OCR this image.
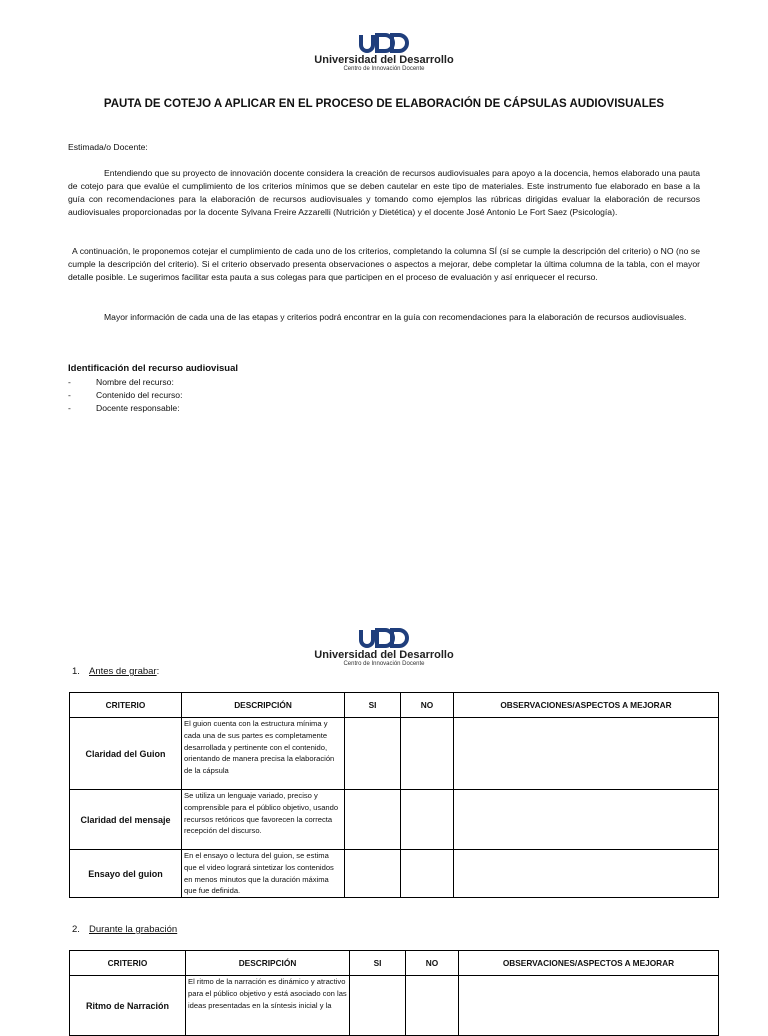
Universidad del Desarrollo
Centro de Innovación Docente
PAUTA DE COTEJO A APLICAR EN EL PROCESO DE ELABORACIÓN DE CÁPSULAS AUDIOVISUALES
Estimada/o Docente:
Entendiendo que su proyecto de innovación docente considera la creación de recursos audiovisuales para apoyo a la docencia, hemos elaborado una pauta de cotejo para que evalúe el cumplimiento de los criterios mínimos que se deben cautelar en este tipo de materiales. Este instrumento fue elaborado en base a la guía con recomendaciones para la elaboración de recursos audiovisuales y tomando como ejemplos las rúbricas dirigidas evaluar la elaboración de recursos audiovisuales proporcionadas por la docente Sylvana Freire Azzarelli (Nutrición y Dietética) y el docente José Antonio Le Fort Saez (Psicología).
A continuación, le proponemos cotejar el cumplimiento de cada uno de los criterios, completando la columna SÍ (sí se cumple la descripción del criterio) o NO (no se cumple la descripción del criterio). Si el criterio observado presenta observaciones o aspectos a mejorar, debe completar la última columna de la tabla, con el mayor detalle posible. Le sugerimos facilitar esta pauta a sus colegas para que participen en el proceso de evaluación y así enriquecer el recurso.
Mayor información de cada una de las etapas y criterios podrá encontrar en la guía con recomendaciones para la elaboración de recursos audiovisuales.
Identificación del recurso audiovisual
-	Nombre del recurso:
-	Contenido del recurso:
-	Docente responsable:
Universidad del Desarrollo
Centro de Innovación Docente
1. Antes de grabar:
CRITERIO	DESCRIPCIÓN	SI	NO	OBSERVACIONES/ASPECTOS A MEJORAR
Claridad del Guion	El guion cuenta con la estructura mínima y cada una de sus partes es completamente desarrollada y pertinente con el contenido, orientando de manera precisa la elaboración de la cápsula			
Claridad del mensaje	Se utiliza un lenguaje variado, preciso y comprensible para el público objetivo, usando recursos retóricos que favorecen la correcta recepción del discurso.			
Ensayo del guion	En el ensayo o lectura del guion, se estima que el video logrará sintetizar los contenidos en menos minutos que la duración máxima que fue definida.			
2. Durante la grabación
CRITERIO	DESCRIPCIÓN	SI	NO	OBSERVACIONES/ASPECTOS A MEJORAR
Ritmo de Narración	El ritmo de la narración es dinámico y atractivo para el público objetivo y está asociado con las ideas presentadas en la síntesis inicial y la			
